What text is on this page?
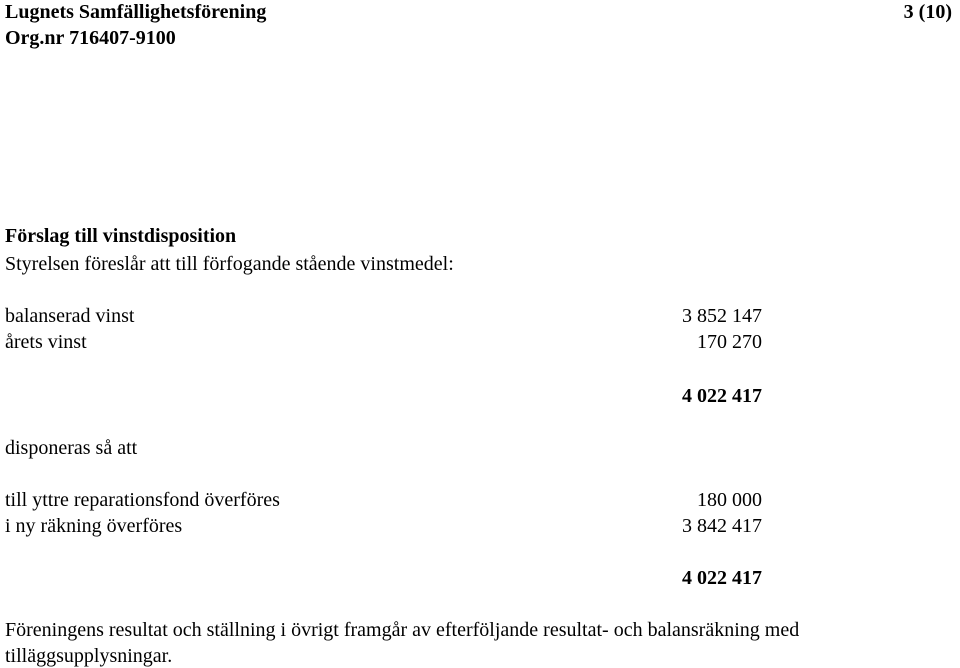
Lugnets Samfällighetsförening
Org.nr 716407-9100
3 (10)
Förslag till vinstdisposition
Styrelsen föreslår att till förfogande stående vinstmedel:
balanserad vinst	3 852 147
årets vinst	170 270
4 022 417
disponeras så att
till yttre reparationsfond överföres	180 000
i ny räkning överföres	3 842 417
4 022 417
Föreningens resultat och ställning i övrigt framgår av efterföljande resultat- och balansräkning med
tilläggsupplysningar.
